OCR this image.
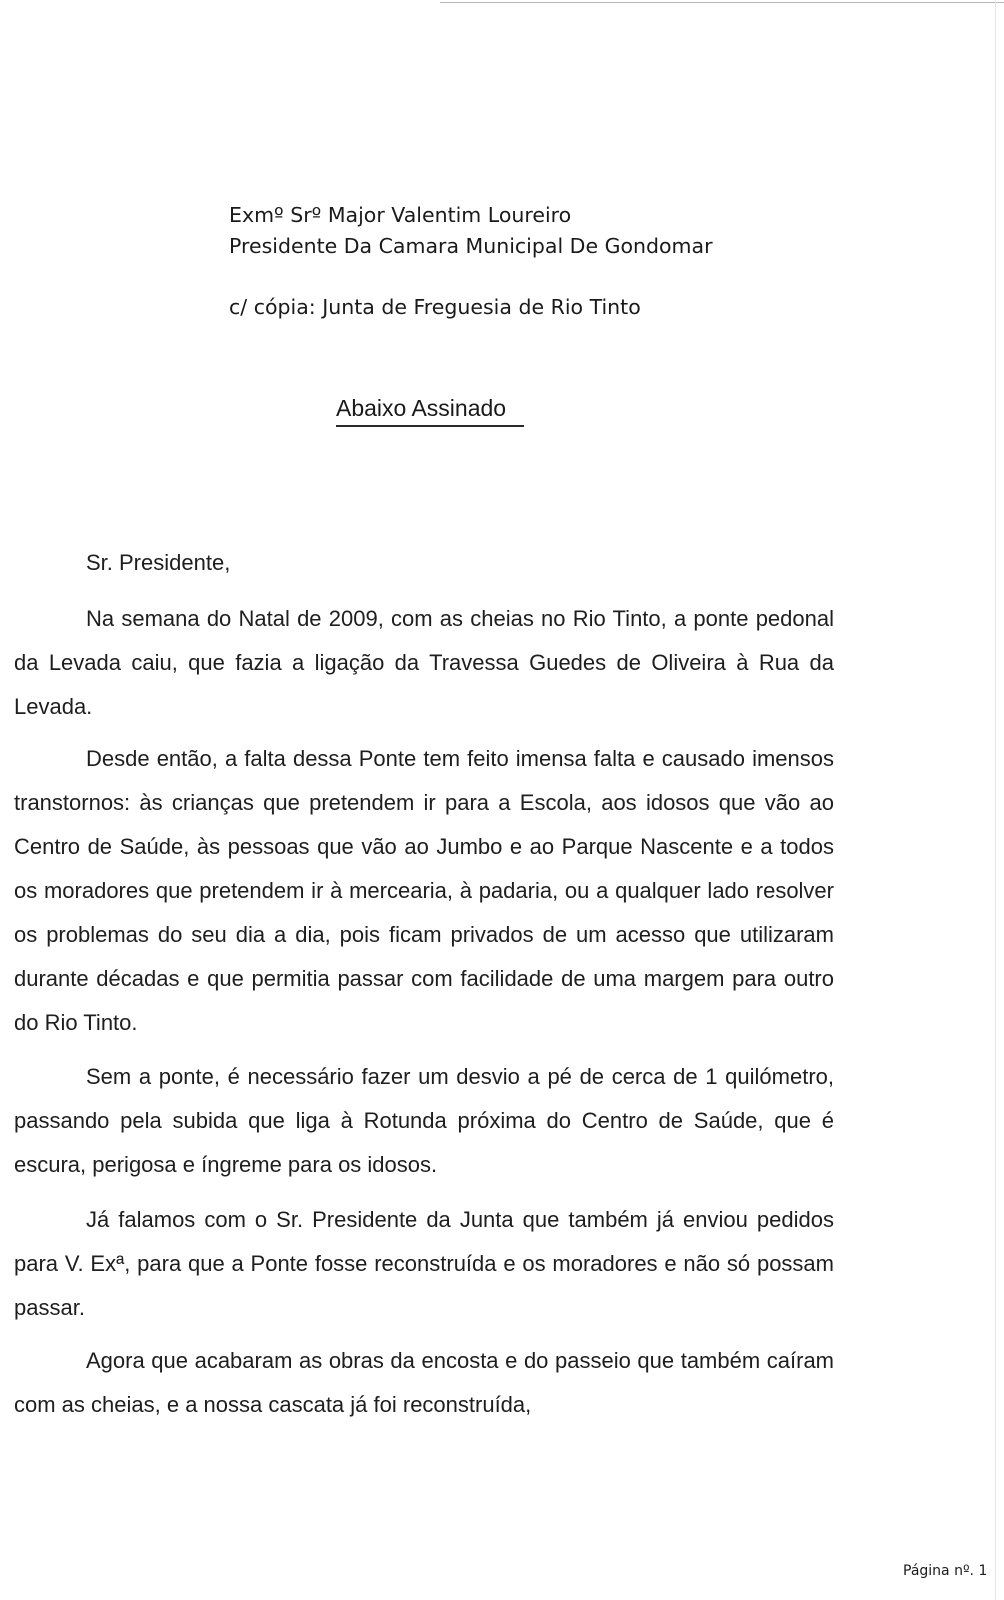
Exmº Srº Major Valentim Loureiro
Presidente Da Camara Municipal De Gondomar
c/ cópia: Junta de Freguesia de Rio Tinto
Abaixo Assinado
Sr. Presidente,

Na semana do Natal de 2009, com as cheias no Rio Tinto, a ponte pedonal da Levada caiu, que fazia a ligação da Travessa Guedes de Oliveira à Rua da Levada.

Desde então, a falta dessa Ponte tem feito imensa falta e causado imensos transtornos: às crianças que pretendem ir para a Escola, aos idosos que vão ao Centro de Saúde, às pessoas que vão ao Jumbo e ao Parque Nascente e a todos os moradores que pretendem ir à mercearia, à padaria, ou a qualquer lado resolver os problemas do seu dia a dia, pois ficam privados de um acesso que utilizaram durante décadas e que permitia passar com facilidade de uma margem para outro do Rio Tinto.

Sem a ponte, é necessário fazer um desvio a pé de cerca de 1 quilómetro, passando pela subida que liga à Rotunda próxima do Centro de Saúde, que é escura, perigosa e íngreme para os idosos.

Já falamos com o Sr. Presidente da Junta que também já enviou pedidos para V. Exª, para que a Ponte fosse reconstruída e os moradores e não só possam passar.

Agora que acabaram as obras da encosta e do passeio que também caíram com as cheias, e a nossa cascata já foi reconstruída,

Página nº. 1
